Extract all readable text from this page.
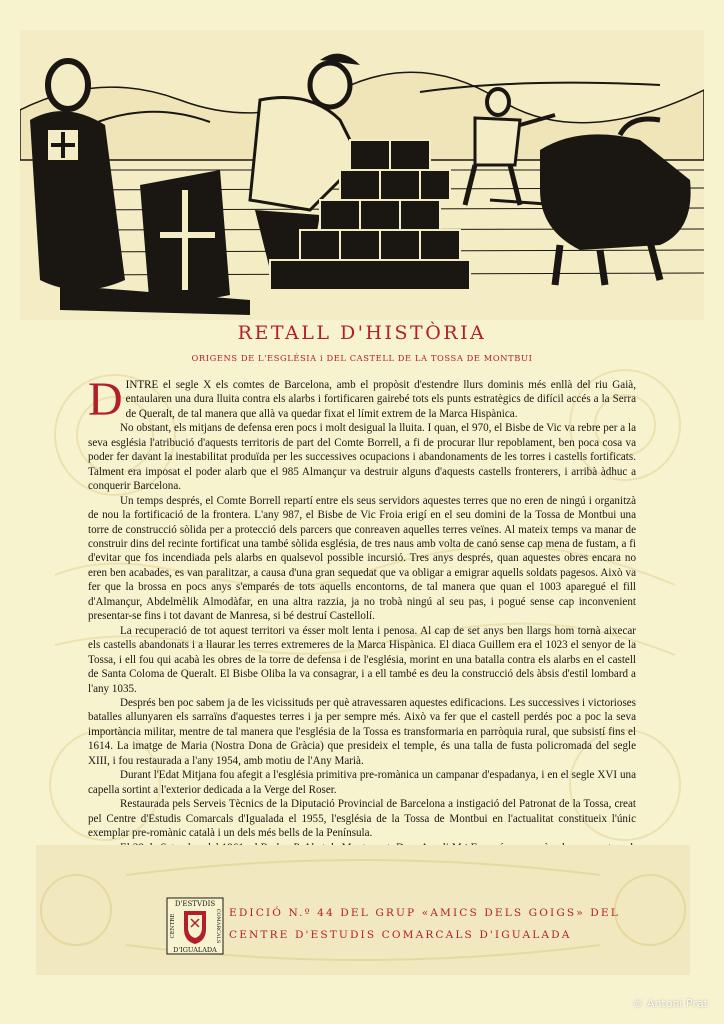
RETALL D'HISTÒRIA
ORIGENS DE L'ESGLÉSIA i DEL CASTELL DE LA TOSSA DE MONTBUI

DINTRE el segle X els comtes de Barcelona, amb el propòsit d'estendre llurs dominis més enllà del riu Gaià, entaularen una dura lluita contra els alarbs i fortificaren gairebé tots els punts estratègics de difícil accés a la Serra de Queralt, de tal manera que allà va quedar fixat el límit extrem de la Marca Hispànica.

No obstant, els mitjans de defensa eren pocs i molt desigual la lluita. I quan, el 970, el Bisbe de Vic va rebre per a la seva església l'atribució d'aquests territoris de part del Comte Borrell, a fi de procurar llur repoblament, ben poca cosa va poder fer davant la inestabilitat produïda per les successives ocupacions i abandonaments de les torres i castells fortificats. Talment era imposat el poder alarb que el 985 Almançur va destruir alguns d'aquests castells fronterers, i arribà àdhuc a conquerir Barcelona.

Un temps després, el Comte Borrell repartí entre els seus servidors aquestes terres que no eren de ningú i organitzà de nou la fortificació de la frontera. L'any 987, el Bisbe de Vic Froia erigí en el seu domini de la Tossa de Montbui una torre de construcció sòlida per a protecció dels parcers que conreaven aquelles terres veïnes. Al mateix temps va manar de construir dins del recinte fortificat una també sòlida església, de tres naus amb volta de canó sense cap mena de fustam, a fi d'evitar que fos incendiada pels alarbs en qualsevol possible incursió. Tres anys després, quan aquestes obres encara no eren ben acabades, es van paralitzar, a causa d'una gran sequedat que va obligar a emigrar aquells soldats pagesos. Això va fer que la brossa en pocs anys s'emparés de tots aquells encontorns, de tal manera que quan el 1003 aparegué el fill d'Almançur, Abdelmèlik Almodàfar, en una altra razzia, ja no trobà ningú al seu pas, i pogué sense cap inconvenient presentar-se fins i tot davant de Manresa, si bé destruí Castellolí.

La recuperació de tot aquest territori va ésser molt lenta i penosa. Al cap de set anys ben llargs hom tornà aixecar els castells abandonats i a llaurar les terres extremeres de la Marca Hispànica. El diaca Guillem era el 1023 el senyor de la Tossa, i ell fou qui acabà les obres de la torre de defensa i de l'església, morint en una batalla contra els alarbs en el castell de Santa Coloma de Queralt. El Bisbe Oliba la va consagrar, i a ell també es deu la construcció dels àbsis d'estil lombard a l'any 1035.

Després ben poc sabem ja de les vicissituds per què atravessaren aquestes edificacions. Les successives i victorioses batalles allunyaren els sarraïns d'aquestes terres i ja per sempre més. Això va fer que el castell perdés poc a poc la seva importància militar, mentre de tal manera que l'església de la Tossa es transformaria en parròquia rural, que subsistí fins el 1614. La imatge de Maria (Nostra Dona de Gràcia) que presideix el temple, és una talla de fusta policromada del segle XIII, i fou restaurada a l'any 1954, amb motiu de l'Any Marià.

Durant l'Edat Mitjana fou afegit a l'església primitiva pre-romànica un campanar d'espadanya, i en el segle XVI una capella sortint a l'exterior dedicada a la Verge del Roser.

Restaurada pels Serveis Tècnics de la Diputació Provincial de Barcelona a instigació del Patronat de la Tossa, creat pel Centre d'Estudis Comarcals d'Igualada el 1955, l'església de la Tossa de Montbui en l'actualitat constitueix l'únic exemplar pre-romànic català i un dels més bells de la Península.

D'ESTVDIS
D'IGUALADA
CENTRE	COMARCALS EDICIÓ N.º 44 DEL GRUP «AMICS DELS GOIGS» DEL
CENTRE D'ESTUDIS COMARCALS D'IGUALADA
© Antoni Prat
